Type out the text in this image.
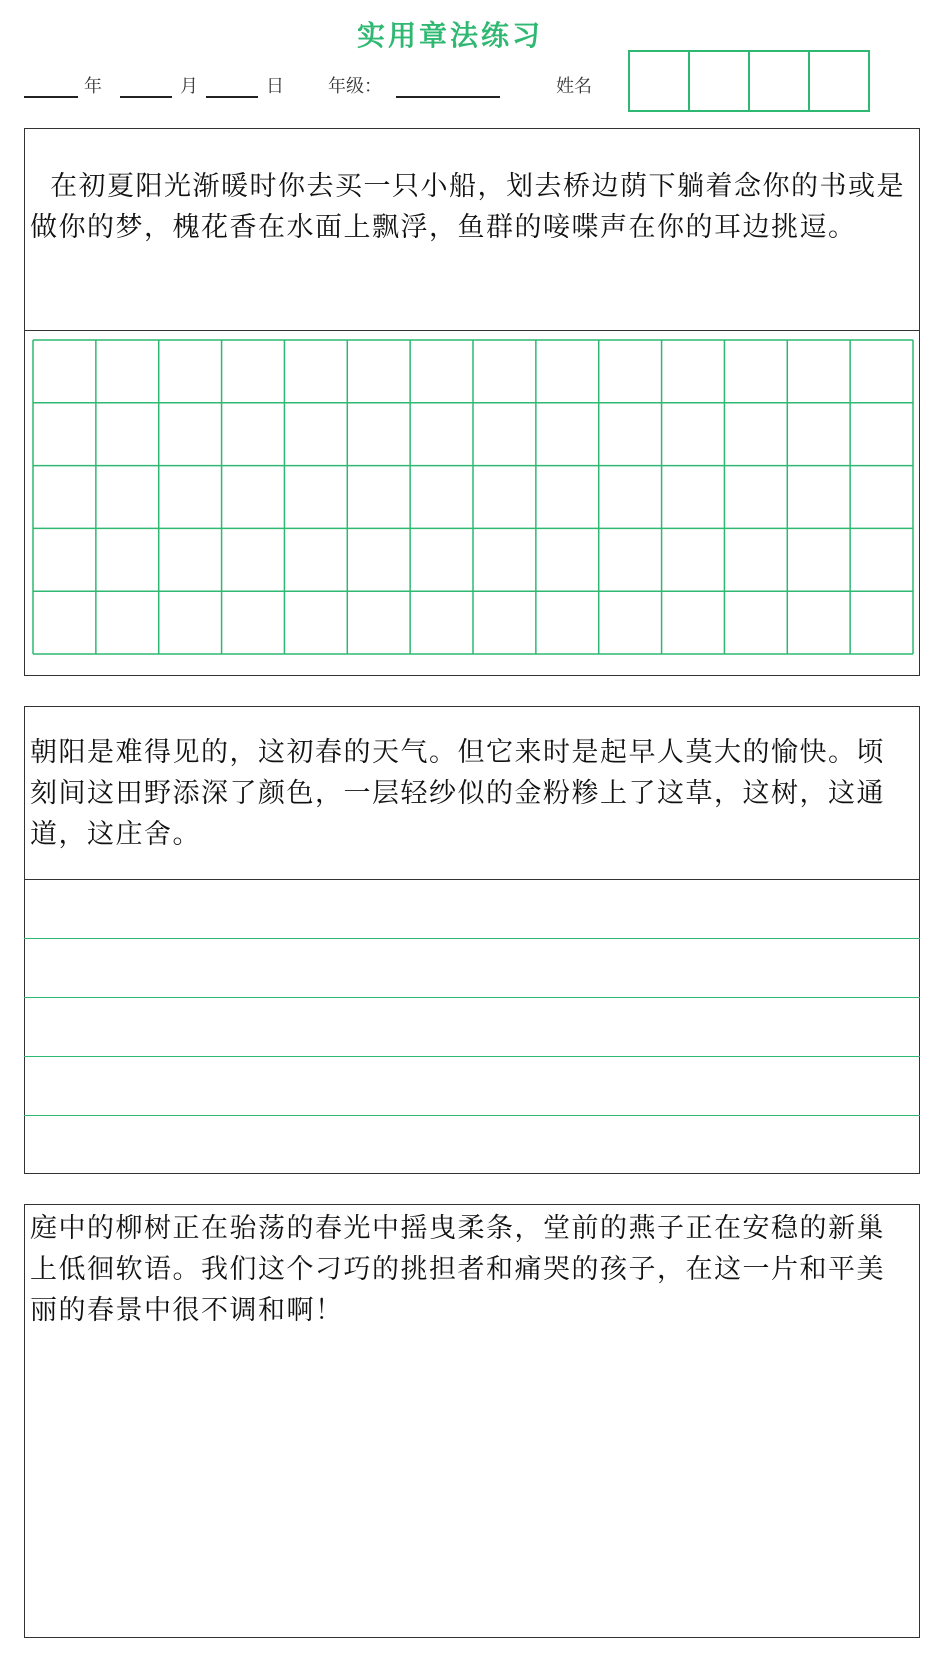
实用章法练习
年	月	日 年级：	姓名
在初夏阳光渐暖时你去买一只小船，划去桥边荫下躺着念你的书或是做你的梦，槐花香在水面上飘浮，鱼群的唼喋声在你的耳边挑逗。
朝阳是难得见的，这初春的天气。但它来时是起早人莫大的愉快。顷刻间这田野添深了颜色，一层轻纱似的金粉糁上了这草，这树，这通道，这庄舍。
庭中的柳树正在骀荡的春光中摇曳柔条，堂前的燕子正在安稳的新巢上低徊软语。我们这个刁巧的挑担者和痛哭的孩子，在这一片和平美丽的春景中很不调和啊！
